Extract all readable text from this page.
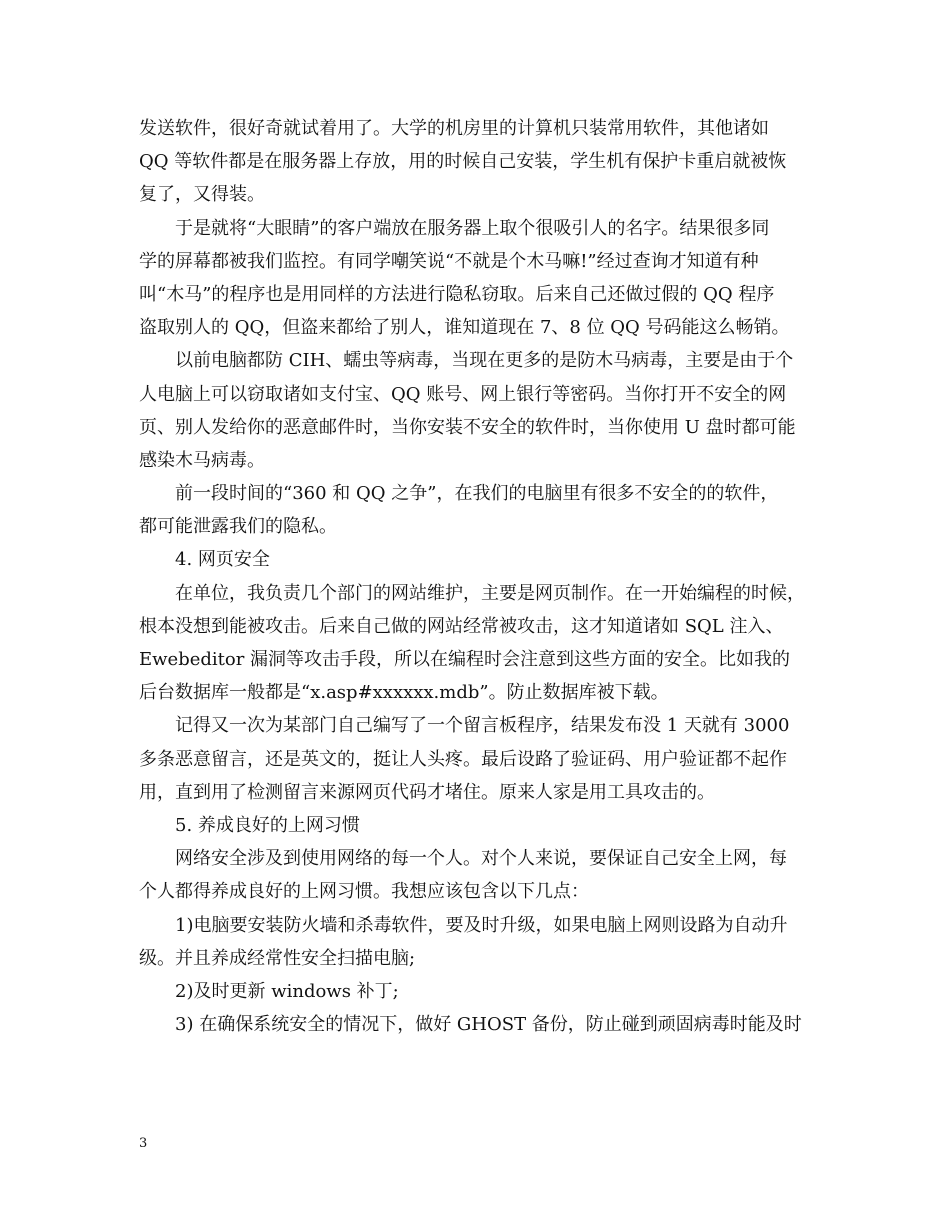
发送软件，很好奇就试着用了。大学的机房里的计算机只装常用软件，其他诸如

QQ 等软件都是在服务器上存放，用的时候自己安装，学生机有保护卡重启就被恢

复了，又得装。

于是就将“大眼睛”的客户端放在服务器上取个很吸引人的名字。结果很多同

学的屏幕都被我们监控。有同学嘲笑说“不就是个木马嘛!”经过查询才知道有种

叫“木马”的程序也是用同样的方法进行隐私窃取。后来自己还做过假的 QQ 程序

盗取别人的 QQ，但盗来都给了别人，谁知道现在 7、8 位 QQ 号码能这么畅销。

以前电脑都防 CIH、蠕虫等病毒，当现在更多的是防木马病毒，主要是由于个

人电脑上可以窃取诸如支付宝、QQ 账号、网上银行等密码。当你打开不安全的网

页、别人发给你的恶意邮件时，当你安装不安全的软件时，当你使用 U 盘时都可能

感染木马病毒。

前一段时间的“360 和 QQ 之争”，在我们的电脑里有很多不安全的的软件，

都可能泄露我们的隐私。

4. 网页安全

在单位，我负责几个部门的网站维护，主要是网页制作。在一开始编程的时候，

根本没想到能被攻击。后来自己做的网站经常被攻击，这才知道诸如 SQL 注入、

Ewebeditor 漏洞等攻击手段，所以在编程时会注意到这些方面的安全。比如我的

后台数据库一般都是“x.asp#xxxxxx.mdb”。防止数据库被下载。

记得又一次为某部门自己编写了一个留言板程序，结果发布没 1 天就有 3000

多条恶意留言，还是英文的，挺让人头疼。最后设路了验证码、用户验证都不起作

用，直到用了检测留言来源网页代码才堵住。原来人家是用工具攻击的。

5. 养成良好的上网习惯

网络安全涉及到使用网络的每一个人。对个人来说，要保证自己安全上网，每

个人都得养成良好的上网习惯。我想应该包含以下几点：

1)电脑要安装防火墙和杀毒软件，要及时升级，如果电脑上网则设路为自动升

级。并且养成经常性安全扫描电脑;

2)及时更新 windows 补丁;

3) 在确保系统安全的情况下，做好 GHOST 备份，防止碰到顽固病毒时能及时

3
